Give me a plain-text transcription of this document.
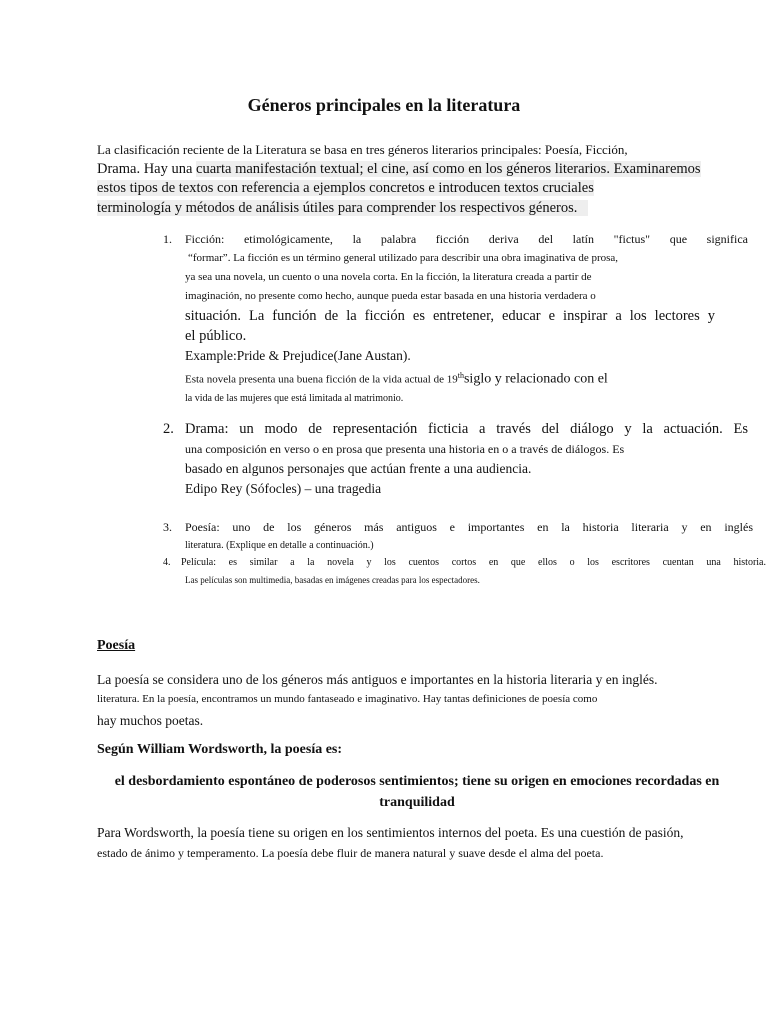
Géneros principales en la literatura
La clasificación reciente de la Literatura se basa en tres géneros literarios principales: Poesía, Ficción,
Drama. Hay una cuarta manifestación textual; el cine, así como en los géneros literarios. Examinaremos
estos tipos de textos con referencia a ejemplos concretos e introducen textos cruciales
terminología y métodos de análisis útiles para comprender los respectivos géneros.
1. Ficción: etimológicamente, la palabra ficción deriva del latín "fictus" que significa
“formar”. La ficción es un término general utilizado para describir una obra imaginativa de prosa,
ya sea una novela, un cuento o una novela corta. En la ficción, la literatura creada a partir de
imaginación, no presente como hecho, aunque pueda estar basada en una historia verdadera o
situación. La función de la ficción es entretener, educar e inspirar a los lectores y
el público.
Example:Pride & Prejudice(Jane Austan).
Esta novela presenta una buena ficción de la vida actual de 19thsiglo y relacionado con el
la vida de las mujeres que está limitada al matrimonio.
2. Drama: un modo de representación ficticia a través del diálogo y la actuación. Es
una composición en verso o en prosa que presenta una historia en o a través de diálogos. Es
basado en algunos personajes que actúan frente a una audiencia.
Edipo Rey (Sófocles) – una tragedia
3. Poesía: uno de los géneros más antiguos e importantes en la historia literaria y en inglés
literatura. (Explique en detalle a continuación.)
4. Película: es similar a la novela y los cuentos cortos en que ellos o los escritores cuentan una historia.
Las películas son multimedia, basadas en imágenes creadas para los espectadores.
Poesía
La poesía se considera uno de los géneros más antiguos e importantes en la historia literaria y en inglés.
literatura. En la poesía, encontramos un mundo fantaseado e imaginativo. Hay tantas definiciones de poesía como
hay muchos poetas.
Según William Wordsworth, la poesía es:
el desbordamiento espontáneo de poderosos sentimientos; tiene su origen en emociones recordadas en
tranquilidad
Para Wordsworth, la poesía tiene su origen en los sentimientos internos del poeta. Es una cuestión de pasión,
estado de ánimo y temperamento. La poesía debe fluir de manera natural y suave desde el alma del poeta.
